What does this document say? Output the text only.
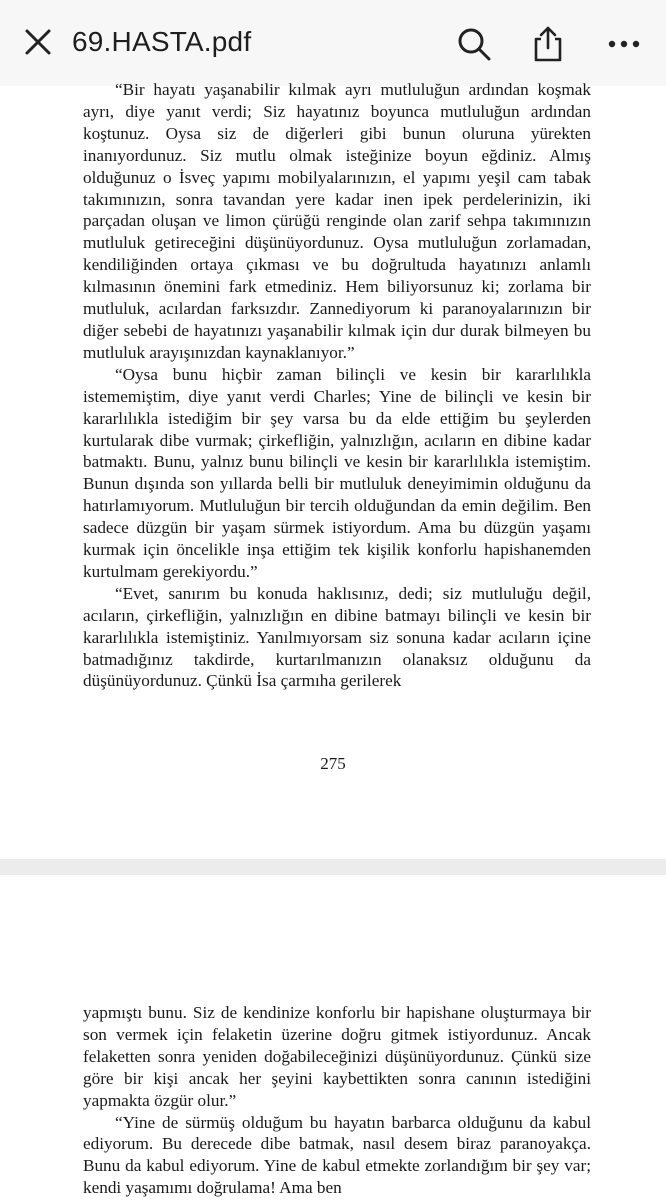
69.HASTA.pdf

“Bir hayatı yaşanabilir kılmak ayrı mutluluğun ardından koşmak ayrı, diye yanıt verdi; Siz hayatınız boyunca mutluluğun ardından koştunuz. Oysa siz de diğerleri gibi bunun oluruna yürekten inanıyordunuz. Siz mutlu olmak isteğinize boyun eğdiniz. Almış olduğunuz o İsveç yapımı mobilyalarınızın, el yapımı yeşil cam tabak takımınızın, sonra tavandan yere kadar inen ipek perdelerinizin, iki parçadan oluşan ve limon çürüğü renginde olan zarif sehpa takımınızın mutluluk getireceğini düşünüyordunuz. Oysa mutluluğun zorlamadan, kendiliğinden ortaya çıkması ve bu doğrultuda hayatınızı anlamlı kılmasının önemini fark etmediniz. Hem biliyorsunuz ki; zorlama bir mutluluk, acılardan farksızdır. Zannediyorum ki paranoyalarınızın bir diğer sebebi de hayatınızı yaşanabilir kılmak için dur durak bilmeyen bu mutluluk arayışınızdan kaynaklanıyor.”

“Oysa bunu hiçbir zaman bilinçli ve kesin bir kararlılıkla istememiştim, diye yanıt verdi Charles; Yine de bilinçli ve kesin bir kararlılıkla istediğim bir şey varsa bu da elde ettiğim bu şeylerden kurtularak dibe vurmak; çirkefliğin, yalnızlığın, acıların en dibine kadar batmaktı. Bunu, yalnız bunu bilinçli ve kesin bir kararlılıkla istemiştim. Bunun dışında son yıllarda belli bir mutluluk deneyimimin olduğunu da hatırlamıyorum. Mutluluğun bir tercih olduğundan da emin değilim. Ben sadece düzgün bir yaşam sürmek istiyordum. Ama bu düzgün yaşamı kurmak için öncelikle inşa ettiğim tek kişilik konforlu hapishanemden kurtulmam gerekiyordu.”

“Evet, sanırım bu konuda haklısınız, dedi; siz mutluluğu değil, acıların, çirkefliğin, yalnızlığın en dibine batmayı bilinçli ve kesin bir kararlılıkla istemiştiniz. Yanılmıyorsam siz sonuna kadar acıların içine batmadığınız takdirde, kurtarılmanızın olanaksız olduğunu da düşünüyordunuz. Çünkü İsa çarmıha gerilerek

275

yapmıştı bunu. Siz de kendinize konforlu bir hapishane oluşturmaya bir son vermek için felaketin üzerine doğru gitmek istiyordunuz. Ancak felaketten sonra yeniden doğabileceğinizi düşünüyordunuz. Çünkü size göre bir kişi ancak her şeyini kaybettikten sonra canının istediğini yapmakta özgür olur.”

“Yine de sürmüş olduğum bu hayatın barbarca olduğunu da kabul ediyorum. Bu derecede dibe batmak, nasıl desem biraz paranoyakça. Bunu da kabul ediyorum. Yine de kabul etmekte zorlandığım bir şey var; kendi yaşamımı doğrulama! Ama ben
